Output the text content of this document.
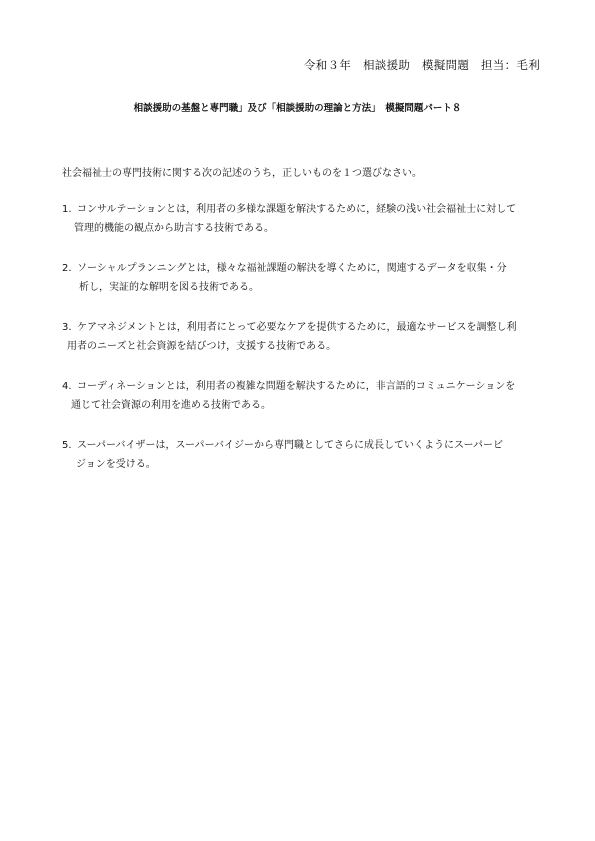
令和３年　相談援助　模擬問題　担当：毛利
相談援助の基盤と専門職」及び「相談援助の理論と方法」　模擬問題パート８
社会福祉士の専門技術に関する次の記述のうち，正しいものを１つ選びなさい。
1. コンサルテーションとは，利用者の多様な課題を解決するために，経験の浅い社会福祉士に対して
管理的機能の観点から助言する技術である。
2. ソーシャルプランニングとは，様々な福祉課題の解決を導くために，関連するデータを収集・分
析し，実証的な解明を図る技術である。
3. ケアマネジメントとは，利用者にとって必要なケアを提供するために，最適なサービスを調整し利
用者のニーズと社会資源を結びつけ，支援する技術である。
4. コーディネーションとは，利用者の複雑な問題を解決するために，非言語的コミュニケーションを
通じて社会資源の利用を進める技術である。
5. スーパーバイザーは，スーパーバイジーから専門職としてさらに成長していくようにスーパービ
ジョンを受ける。
